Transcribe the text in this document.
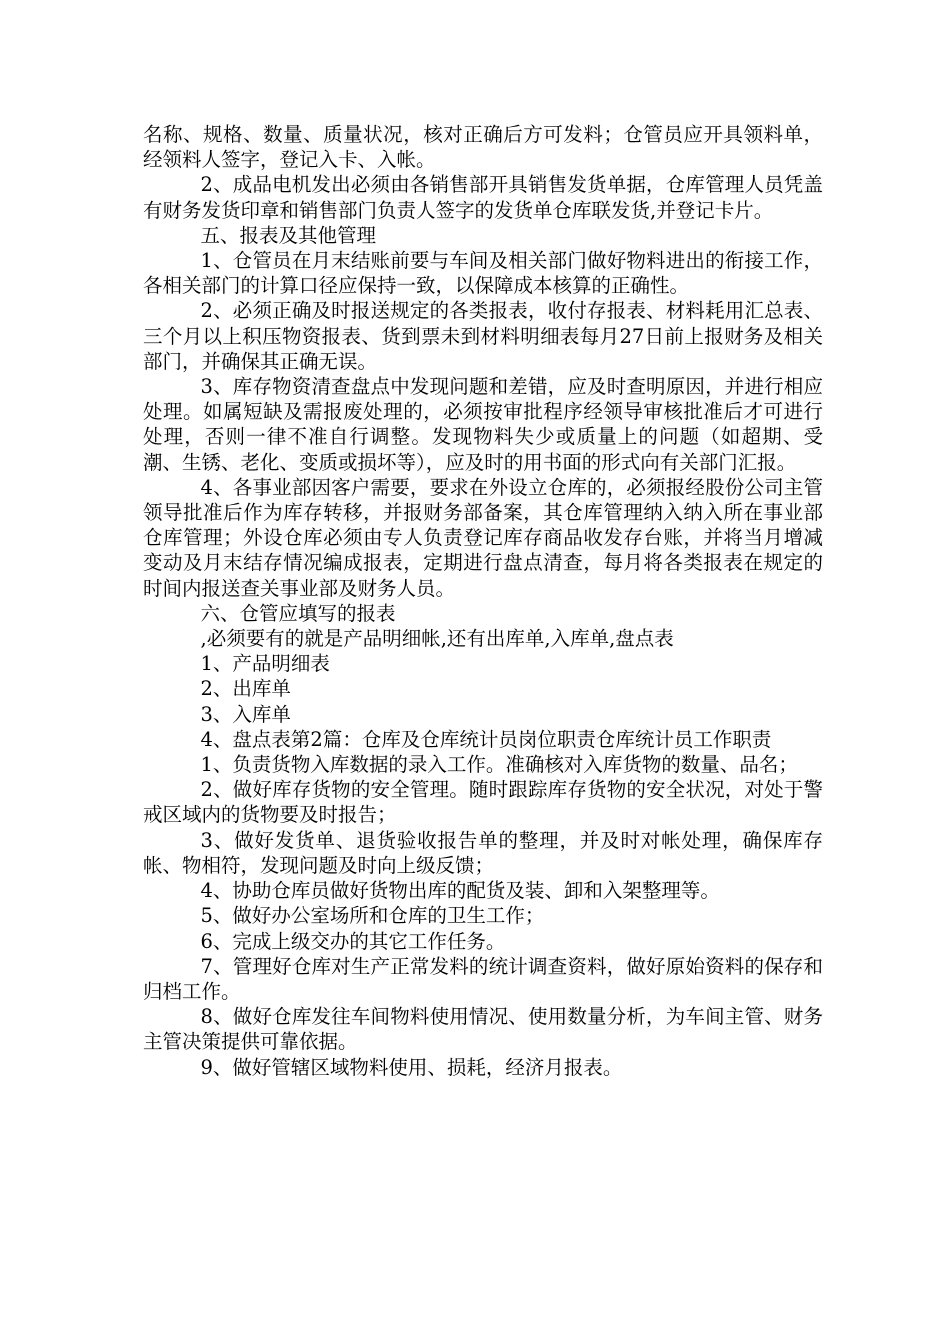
名称、规格、数量、质量状况，核对正确后方可发料；仓管员应开具领料单，经领料人签字，登记入卡、入帐。

2、成品电机发出必须由各销售部开具销售发货单据，仓库管理人员凭盖有财务发货印章和销售部门负责人签字的发货单仓库联发货,并登记卡片。

五、报表及其他管理

1、仓管员在月末结账前要与车间及相关部门做好物料进出的衔接工作，各相关部门的计算口径应保持一致，以保障成本核算的正确性。

2、必须正确及时报送规定的各类报表，收付存报表、材料耗用汇总表、三个月以上积压物资报表、货到票未到材料明细表每月27日前上报财务及相关部门，并确保其正确无误。

3、库存物资清查盘点中发现问题和差错，应及时查明原因，并进行相应处理。如属短缺及需报废处理的，必须按审批程序经领导审核批准后才可进行处理，否则一律不准自行调整。发现物料失少或质量上的问题（如超期、受潮、生锈、老化、变质或损坏等），应及时的用书面的形式向有关部门汇报。

4、各事业部因客户需要，要求在外设立仓库的，必须报经股份公司主管领导批准后作为库存转移，并报财务部备案，其仓库管理纳入纳入所在事业部仓库管理；外设仓库必须由专人负责登记库存商品收发存台账，并将当月增减变动及月末结存情况编成报表，定期进行盘点清查，每月将各类报表在规定的时间内报送查关事业部及财务人员。

六、仓管应填写的报表

,必须要有的就是产品明细帐,还有出库单,入库单,盘点表

1、产品明细表

2、出库单

3、入库单

4、盘点表第2篇：仓库及仓库统计员岗位职责仓库统计员工作职责

1、负责货物入库数据的录入工作。准确核对入库货物的数量、品名；

2、做好库存货物的安全管理。随时跟踪库存货物的安全状况，对处于警戒区域内的货物要及时报告；

3、做好发货单、退货验收报告单的整理，并及时对帐处理，确保库存帐、物相符，发现问题及时向上级反馈；

4、协助仓库员做好货物出库的配货及装、卸和入架整理等。

5、做好办公室场所和仓库的卫生工作；

6、完成上级交办的其它工作任务。

7、管理好仓库对生产正常发料的统计调查资料，做好原始资料的保存和归档工作。

8、做好仓库发往车间物料使用情况、使用数量分析，为车间主管、财务主管决策提供可靠依据。

9、做好管辖区域物料使用、损耗，经济月报表。
